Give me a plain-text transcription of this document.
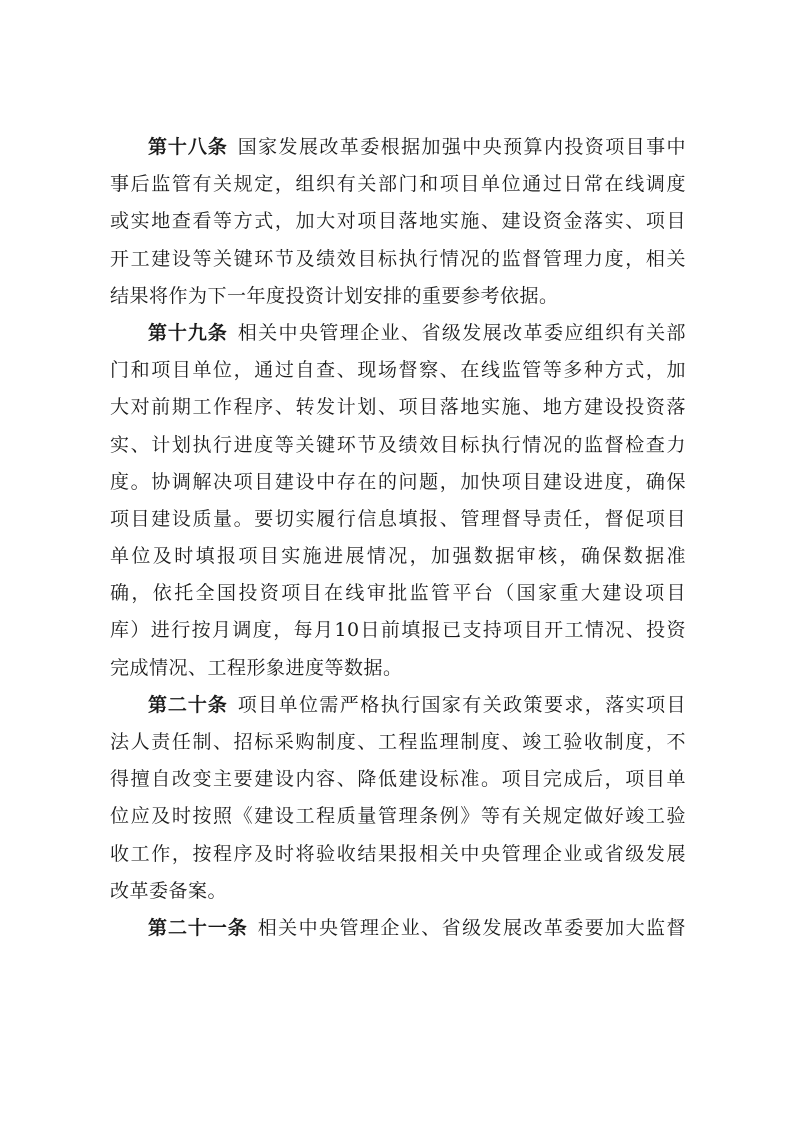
第十八条 国家发展改革委根据加强中央预算内投资项目事中
事后监管有关规定，组织有关部门和项目单位通过日常在线调度
或实地查看等方式，加大对项目落地实施、建设资金落实、项目
开工建设等关键环节及绩效目标执行情况的监督管理力度，相关
结果将作为下一年度投资计划安排的重要参考依据。
第十九条 相关中央管理企业、省级发展改革委应组织有关部
门和项目单位，通过自查、现场督察、在线监管等多种方式，加
大对前期工作程序、转发计划、项目落地实施、地方建设投资落
实、计划执行进度等关键环节及绩效目标执行情况的监督检查力
度。协调解决项目建设中存在的问题，加快项目建设进度，确保
项目建设质量。要切实履行信息填报、管理督导责任，督促项目
单位及时填报项目实施进展情况，加强数据审核，确保数据准
确，依托全国投资项目在线审批监管平台（国家重大建设项目
库）进行按月调度，每月10日前填报已支持项目开工情况、投资
完成情况、工程形象进度等数据。
第二十条 项目单位需严格执行国家有关政策要求，落实项目
法人责任制、招标采购制度、工程监理制度、竣工验收制度，不
得擅自改变主要建设内容、降低建设标准。项目完成后，项目单
位应及时按照《建设工程质量管理条例》等有关规定做好竣工验
收工作，按程序及时将验收结果报相关中央管理企业或省级发展
改革委备案。
第二十一条 相关中央管理企业、省级发展改革委要加大监督
